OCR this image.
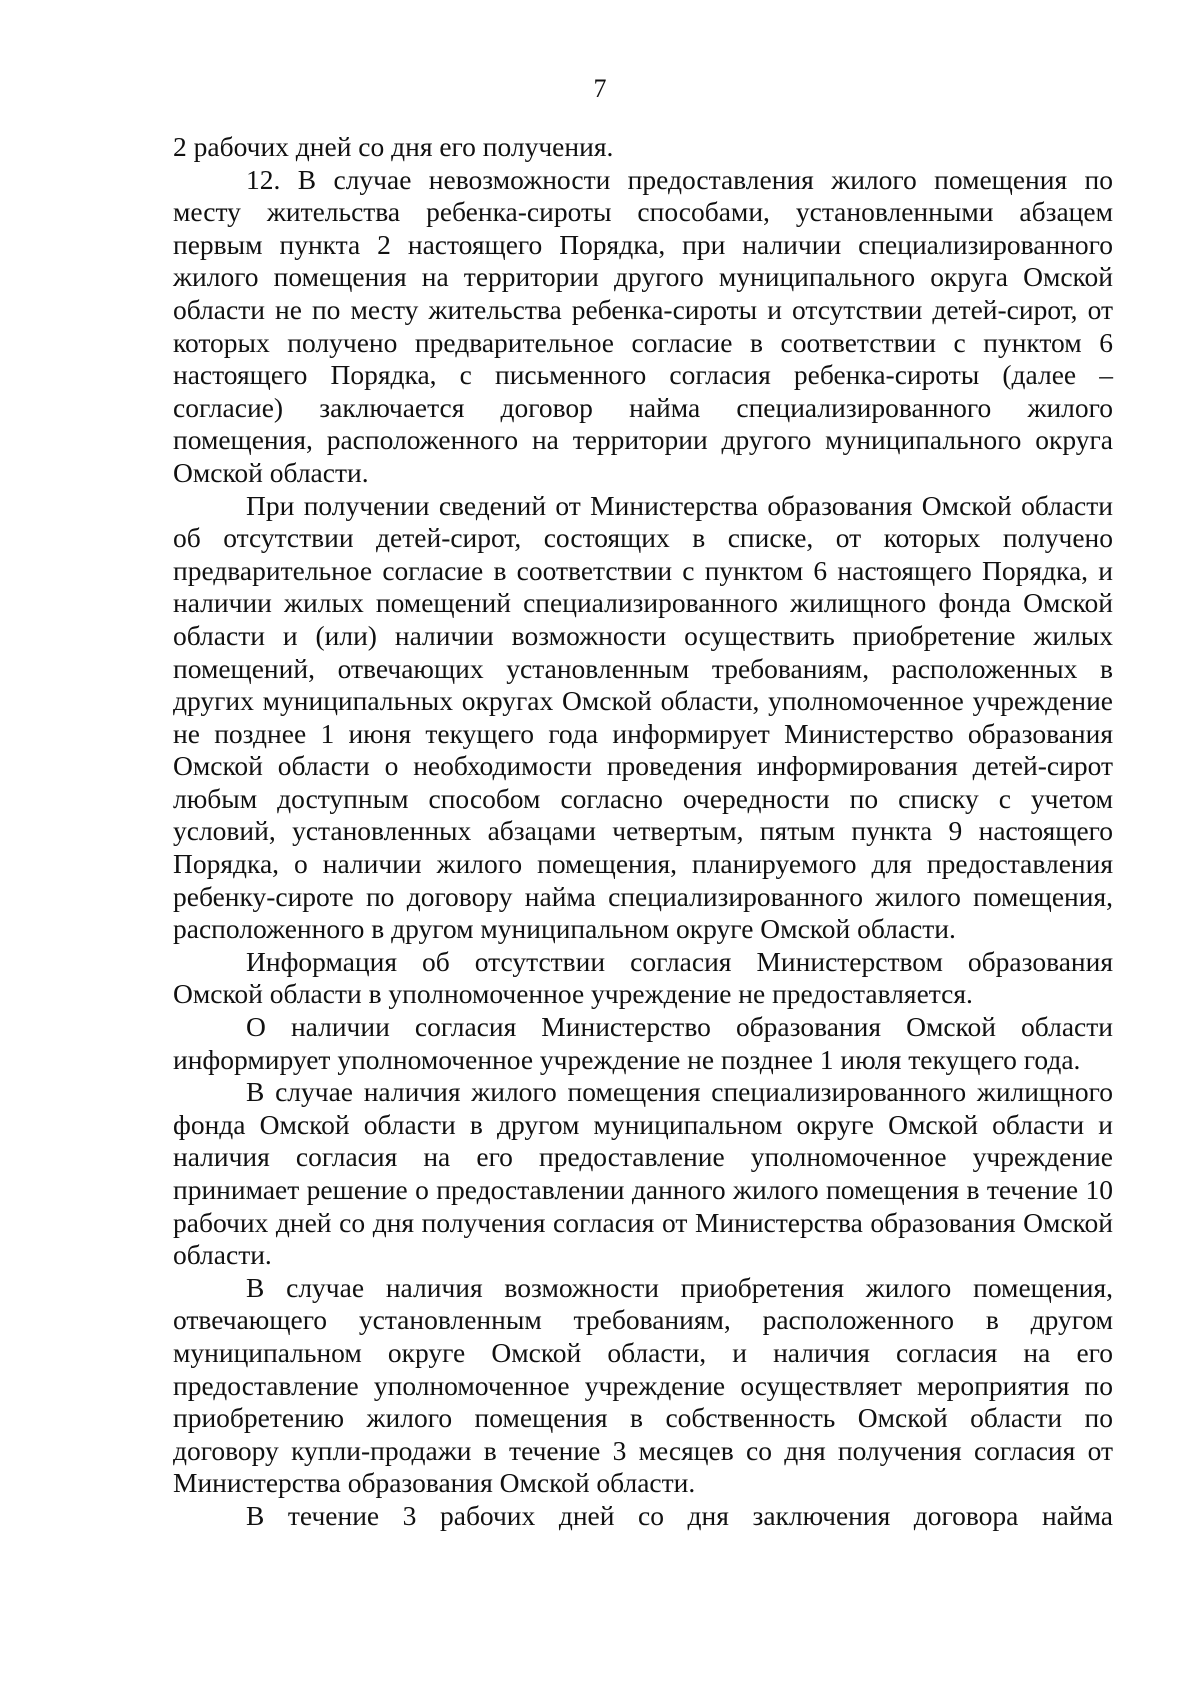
7

2 рабочих дней со дня его получения.

12. В случае невозможности предоставления жилого помещения по месту жительства ребенка-сироты способами, установленными абзацем первым пункта 2 настоящего Порядка, при наличии специализированного жилого помещения на территории другого муниципального округа Омской области не по месту жительства ребенка-сироты и отсутствии детей-сирот, от которых получено предварительное согласие в соответствии с пунктом 6 настоящего Порядка, с письменного согласия ребенка-сироты (далее – согласие) заключается договор найма специализированного жилого помещения, расположенного на территории другого муниципального округа Омской области.

При получении сведений от Министерства образования Омской области об отсутствии детей-сирот, состоящих в списке, от которых получено предварительное согласие в соответствии с пунктом 6 настоящего Порядка, и наличии жилых помещений специализированного жилищного фонда Омской области и (или) наличии возможности осуществить приобретение жилых помещений, отвечающих установленным требованиям, расположенных в других муниципальных округах Омской области, уполномоченное учреждение не позднее 1 июня текущего года информирует Министерство образования Омской области о необходимости проведения информирования детей-сирот любым доступным способом согласно очередности по списку с учетом условий, установленных абзацами четвертым, пятым пункта 9 настоящего Порядка, о наличии жилого помещения, планируемого для предоставления ребенку-сироте по договору найма специализированного жилого помещения, расположенного в другом муниципальном округе Омской области.

Информация об отсутствии согласия Министерством образования Омской области в уполномоченное учреждение не предоставляется.

О наличии согласия Министерство образования Омской области информирует уполномоченное учреждение не позднее 1 июля текущего года.

В случае наличия жилого помещения специализированного жилищного фонда Омской области в другом муниципальном округе Омской области и наличия согласия на его предоставление уполномоченное учреждение принимает решение о предоставлении данного жилого помещения в течение 10 рабочих дней со дня получения согласия от Министерства образования Омской области.

В случае наличия возможности приобретения жилого помещения, отвечающего установленным требованиям, расположенного в другом муниципальном округе Омской области, и наличия согласия на его предоставление уполномоченное учреждение осуществляет мероприятия по приобретению жилого помещения в собственность Омской области по договору купли-продажи в течение 3 месяцев со дня получения согласия от Министерства образования Омской области.

В течение 3 рабочих дней со дня заключения договора найма
